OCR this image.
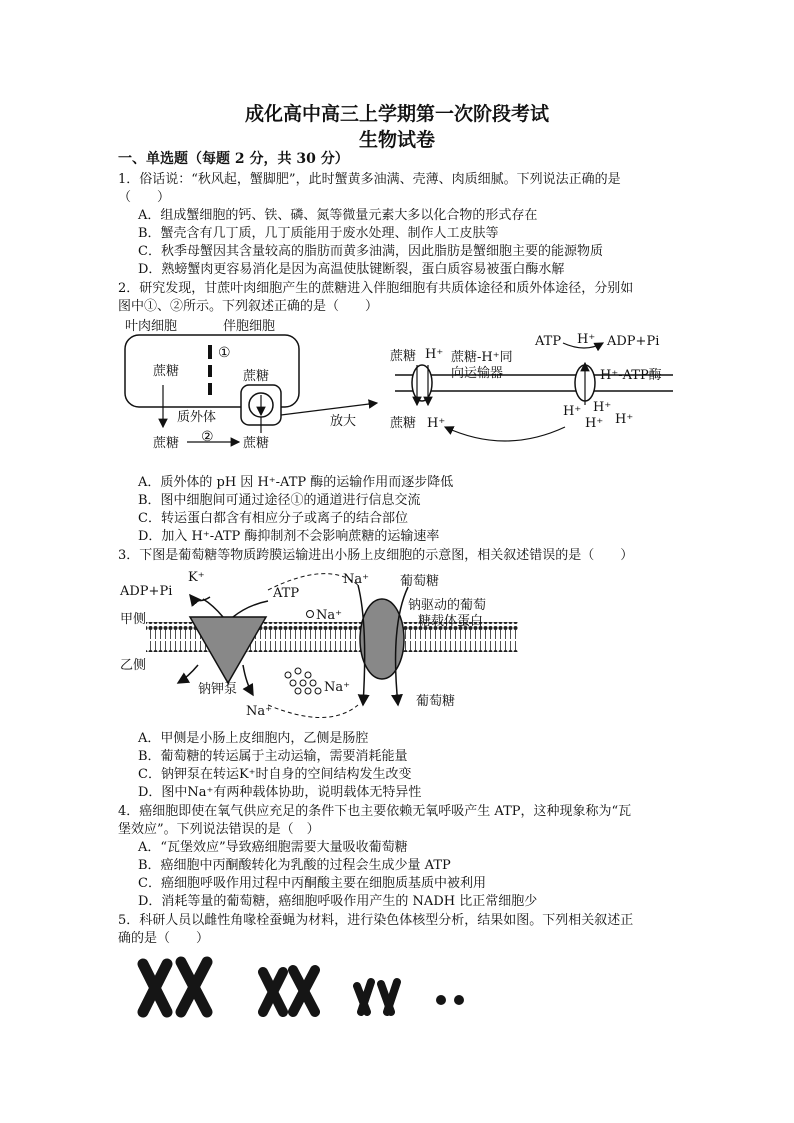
成化高中高三上学期第一次阶段考试
生物试卷
一、单选题（每题 2 分，共 30 分）
1．俗话说：“秋风起，蟹脚肥”，此时蟹黄多油满、壳薄、肉质细腻。下列说法正确的是
（　　）
A．组成蟹细胞的钙、铁、磷、氮等微量元素大多以化合物的形式存在
B．蟹壳含有几丁质，几丁质能用于废水处理、制作人工皮肤等
C．秋季母蟹因其含量较高的脂肪而黄多油满，因此脂肪是蟹细胞主要的能源物质
D．熟螃蟹肉更容易消化是因为高温使肽键断裂，蛋白质容易被蛋白酶水解
2．研究发现，甘蔗叶肉细胞产生的蔗糖进入伴胞细胞有共质体途径和质外体途径，分别如
图中①、②所示。下列叙述正确的是（　　）
叶肉细胞	伴胞细胞
①
蔗糖	蔗糖
质外体
蔗糖 ② 蔗糖
放大
蔗糖 H⁺ 蔗糖-H⁺同
向运输器
蔗糖 H⁺
ATP H⁺ ADP+Pi
H⁺-ATP酶
H⁺ H⁺
H⁺ H⁺
A．质外体的 pH 因 H⁺-ATP 酶的运输作用而逐步降低
B．图中细胞间可通过途径①的通道进行信息交流
C．转运蛋白都含有相应分子或离子的结合部位
D．加入 H⁺-ATP 酶抑制剂不会影响蔗糖的运输速率
3．下图是葡萄糖等物质跨膜运输进出小肠上皮细胞的示意图，相关叙述错误的是（　　）
甲侧
乙侧
K⁺
ADP+Pi	ATP
Na⁺
钠钾泵
Na⁺
Na⁺
Na⁺ 葡萄糖
钠驱动的葡萄
糖载体蛋白
葡萄糖
A．甲侧是小肠上皮细胞内，乙侧是肠腔
B．葡萄糖的转运属于主动运输，需要消耗能量
C．钠钾泵在转运K⁺时自身的空间结构发生改变
D．图中Na⁺有两种载体协助，说明载体无特异性
4．癌细胞即使在氧气供应充足的条件下也主要依赖无氧呼吸产生 ATP，这种现象称为“瓦
堡效应”。下列说法错误的是（　）
A．“瓦堡效应”导致癌细胞需要大量吸收葡萄糖
B．癌细胞中丙酮酸转化为乳酸的过程会生成少量 ATP
C．癌细胞呼吸作用过程中丙酮酸主要在细胞质基质中被利用
D．消耗等量的葡萄糖，癌细胞呼吸作用产生的 NADH 比正常细胞少
5．科研人员以雌性角喙栓蚕蝇为材料，进行染色体核型分析，结果如图。下列相关叙述正
确的是（　　）
